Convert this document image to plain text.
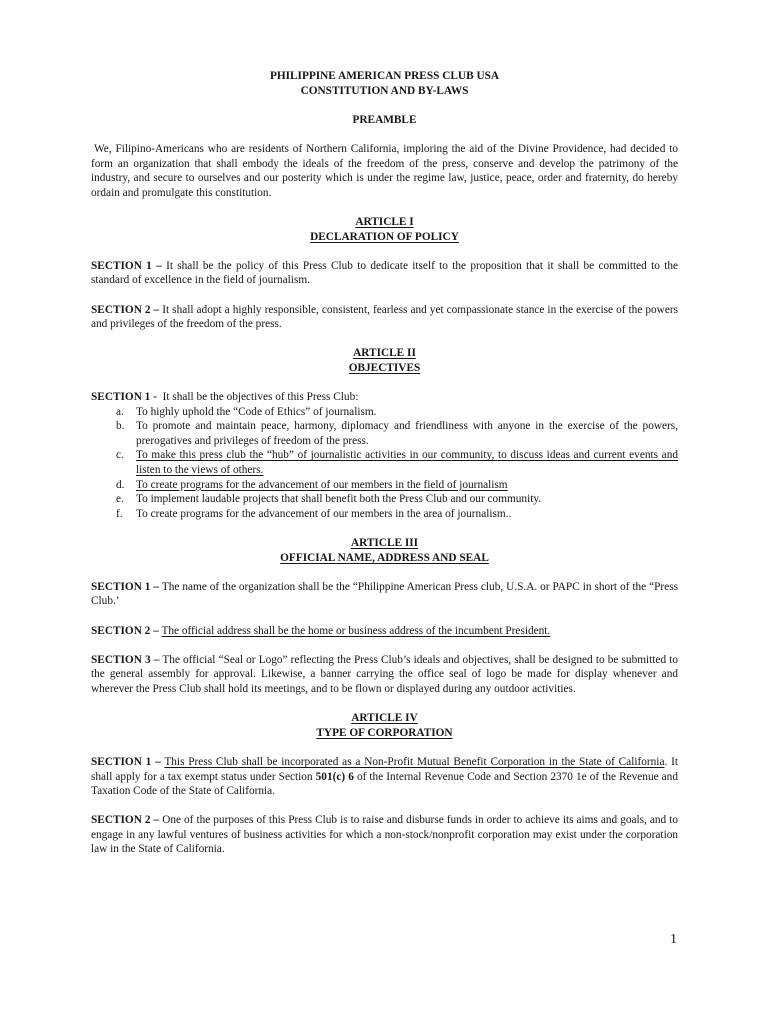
PHILIPPINE AMERICAN PRESS CLUB USA
CONSTITUTION AND BY-LAWS
PREAMBLE

We, Filipino-Americans who are residents of Northern California, imploring the aid of the Divine Providence, had decided to form an organization that shall embody the ideals of the freedom of the press, conserve and develop the patrimony of the industry, and secure to ourselves and our posterity which is under the regime law, justice, peace, order and fraternity, do hereby ordain and promulgate this constitution.

ARTICLE I
DECLARATION OF POLICY

SECTION 1 – It shall be the policy of this Press Club to dedicate itself to the proposition that it shall be committed to the standard of excellence in the field of journalism.

SECTION 2 – It shall adopt a highly responsible, consistent, fearless and yet compassionate stance in the exercise of the powers and privileges of the freedom of the press.

ARTICLE II
OBJECTIVES

SECTION 1 - It shall be the objectives of this Press Club:

a. To highly uphold the “Code of Ethics” of journalism.
b. To promote and maintain peace, harmony, diplomacy and friendliness with anyone in the exercise of the powers, prerogatives and privileges of freedom of the press.
c. To make this press club the “hub” of journalistic activities in our community, to discuss ideas and current events and listen to the views of others.
d. To create programs for the advancement of our members in the field of journalism
e. To implement laudable projects that shall benefit both the Press Club and our community.
f. To create programs for the advancement of our members in the area of journalism..
ARTICLE III
OFFICIAL NAME, ADDRESS AND SEAL

SECTION 1 – The name of the organization shall be the “Philippine American Press club, U.S.A. or PAPC in short of the “Press Club.’

SECTION 2 – The official address shall be the home or business address of the incumbent President.

SECTION 3 – The official “Seal or Logo” reflecting the Press Club’s ideals and objectives, shall be designed to be submitted to the general assembly for approval. Likewise, a banner carrying the office seal of logo be made for display whenever and wherever the Press Club shall hold its meetings, and to be flown or displayed during any outdoor activities.

ARTICLE IV
TYPE OF CORPORATION

SECTION 1 – This Press Club shall be incorporated as a Non-Profit Mutual Benefit Corporation in the State of California. It shall apply for a tax exempt status under Section 501(c) 6 of the Internal Revenue Code and Section 2370 1e of the Revenue and Taxation Code of the State of California.

SECTION 2 – One of the purposes of this Press Club is to raise and disburse funds in order to achieve its aims and goals, and to engage in any lawful ventures of business activities for which a non-stock/nonprofit corporation may exist under the corporation law in the State of California.

1
